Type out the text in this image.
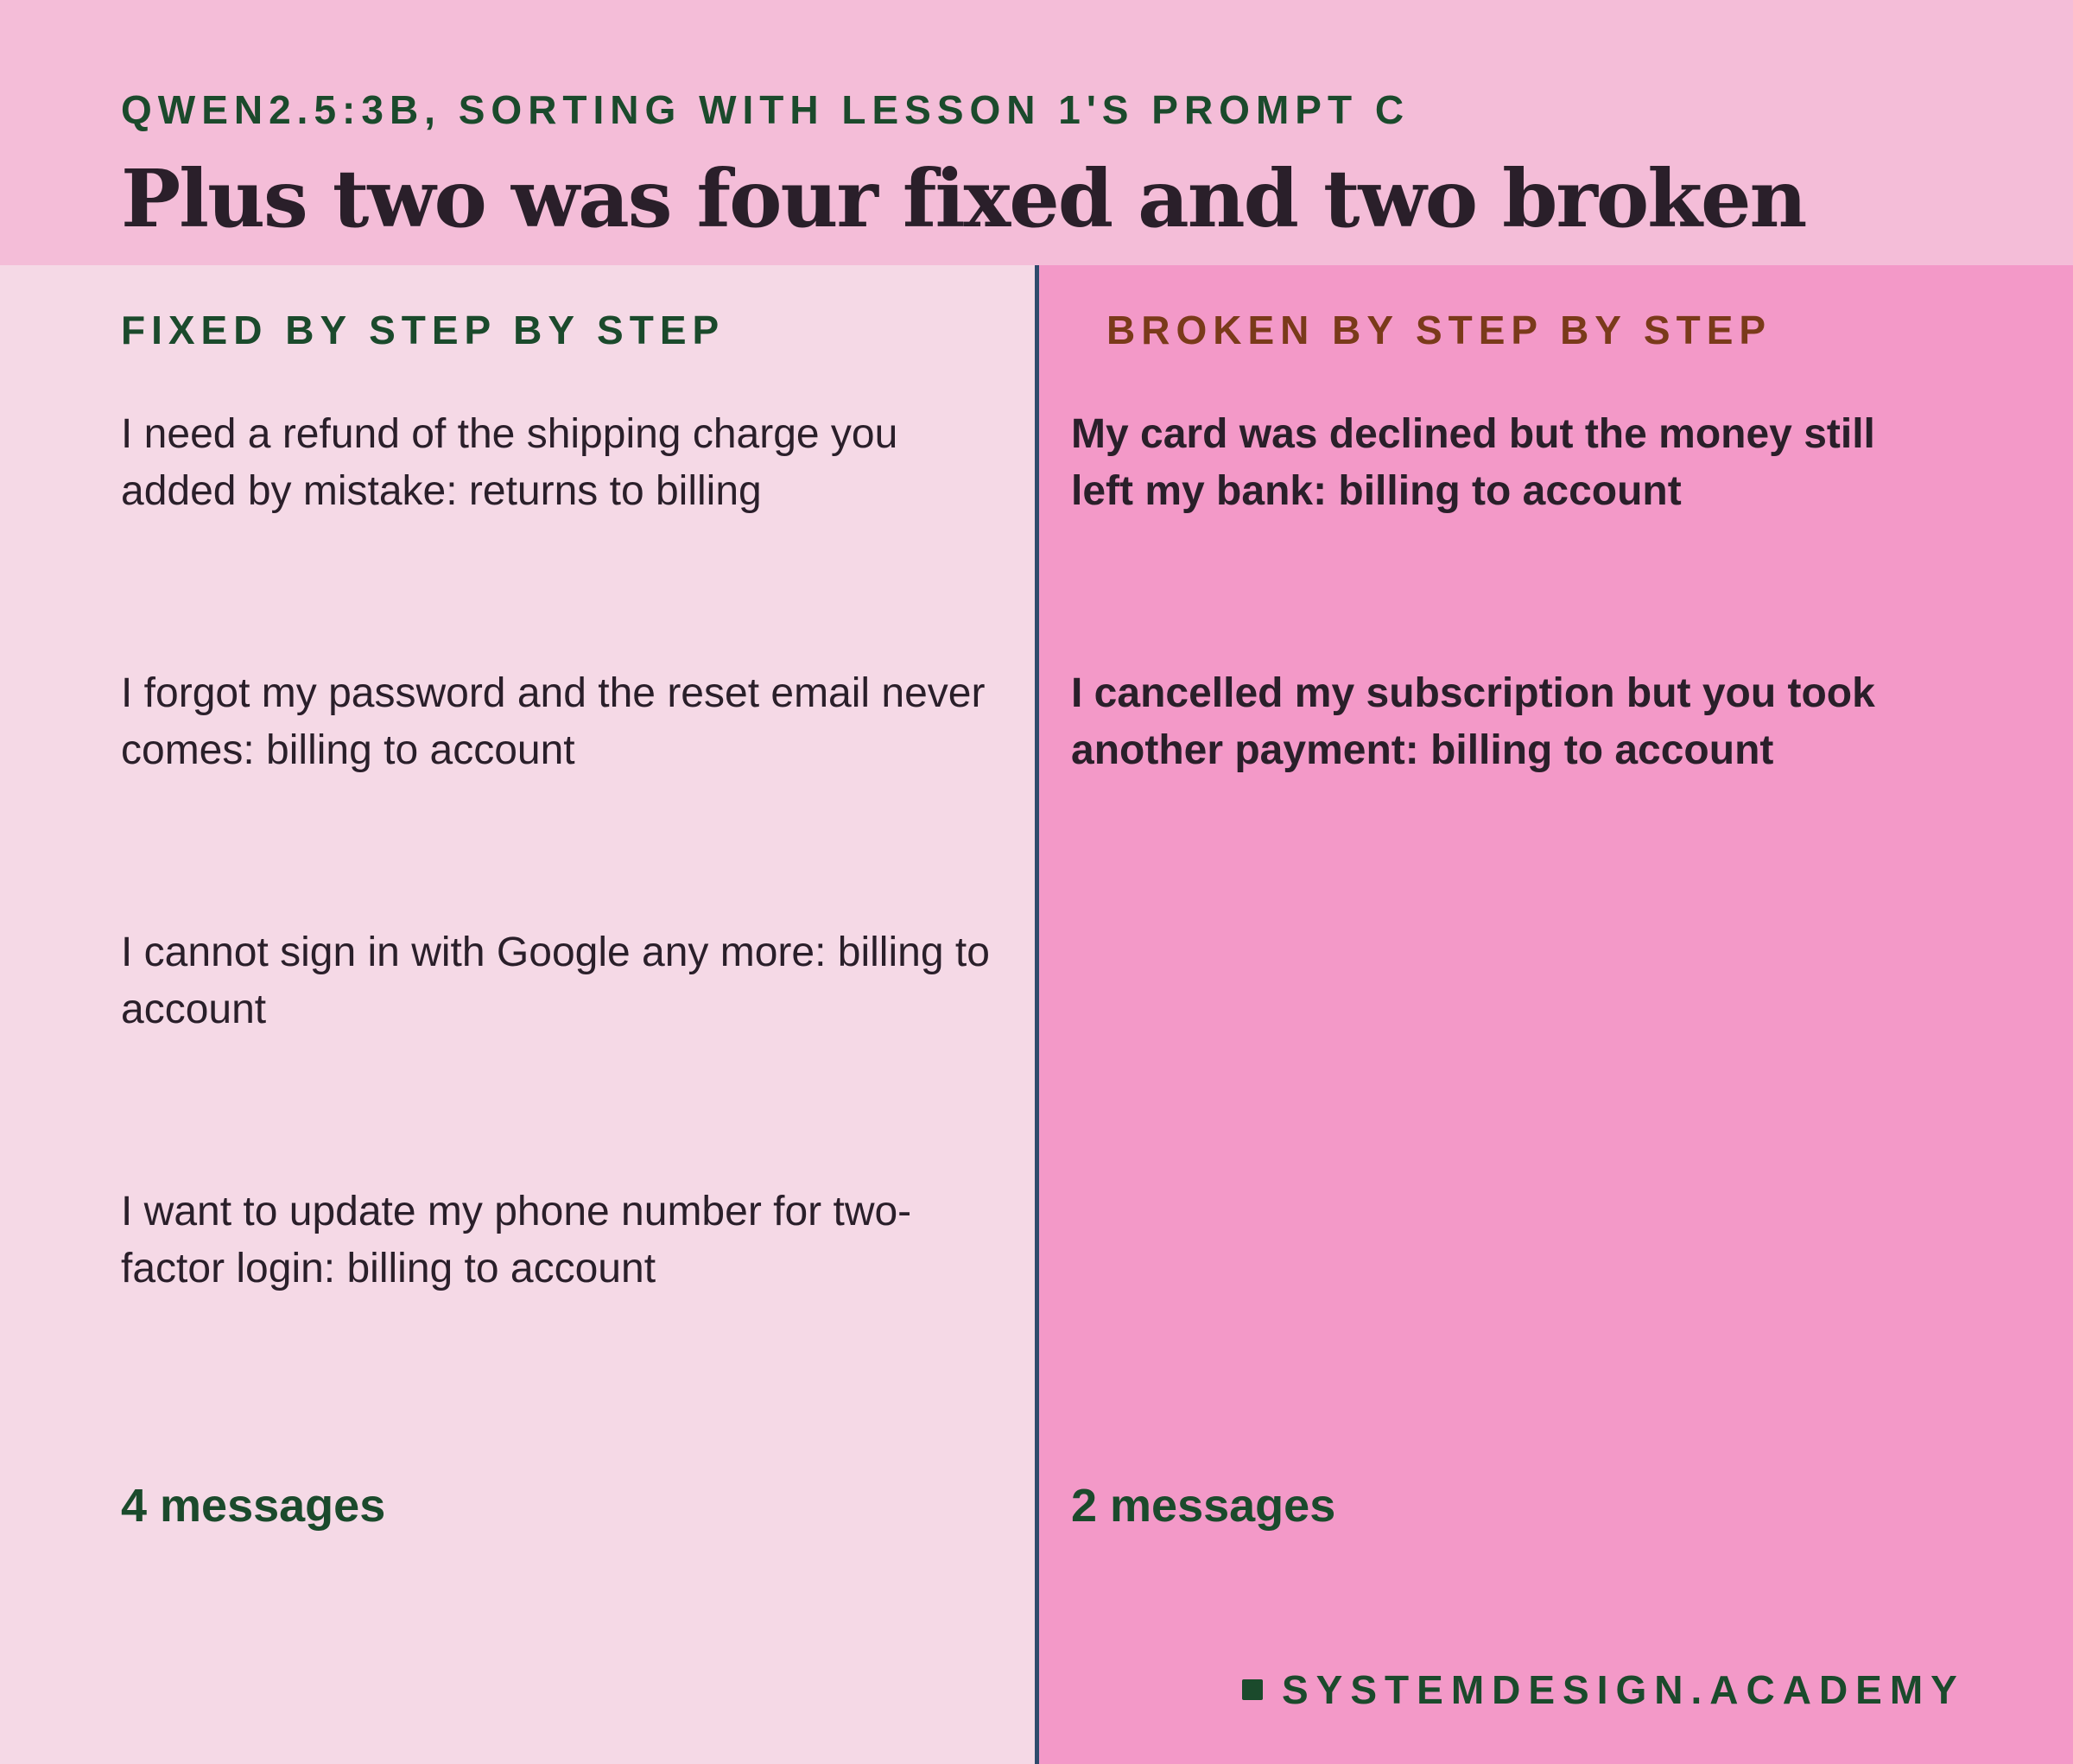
QWEN2.5:3B, SORTING WITH LESSON 1'S PROMPT C
Plus two was four fixed and two broken
FIXED BY STEP BY STEP
I need a refund of the shipping charge you added by mistake: returns to billing
I forgot my password and the reset email never comes: billing to account
I cannot sign in with Google any more: billing to account
I want to update my phone number for two-factor login: billing to account
4 messages
BROKEN BY STEP BY STEP
My card was declined but the money still left my bank: billing to account
I cancelled my subscription but you took another payment: billing to account
2 messages
SYSTEMDESIGN.ACADEMY
